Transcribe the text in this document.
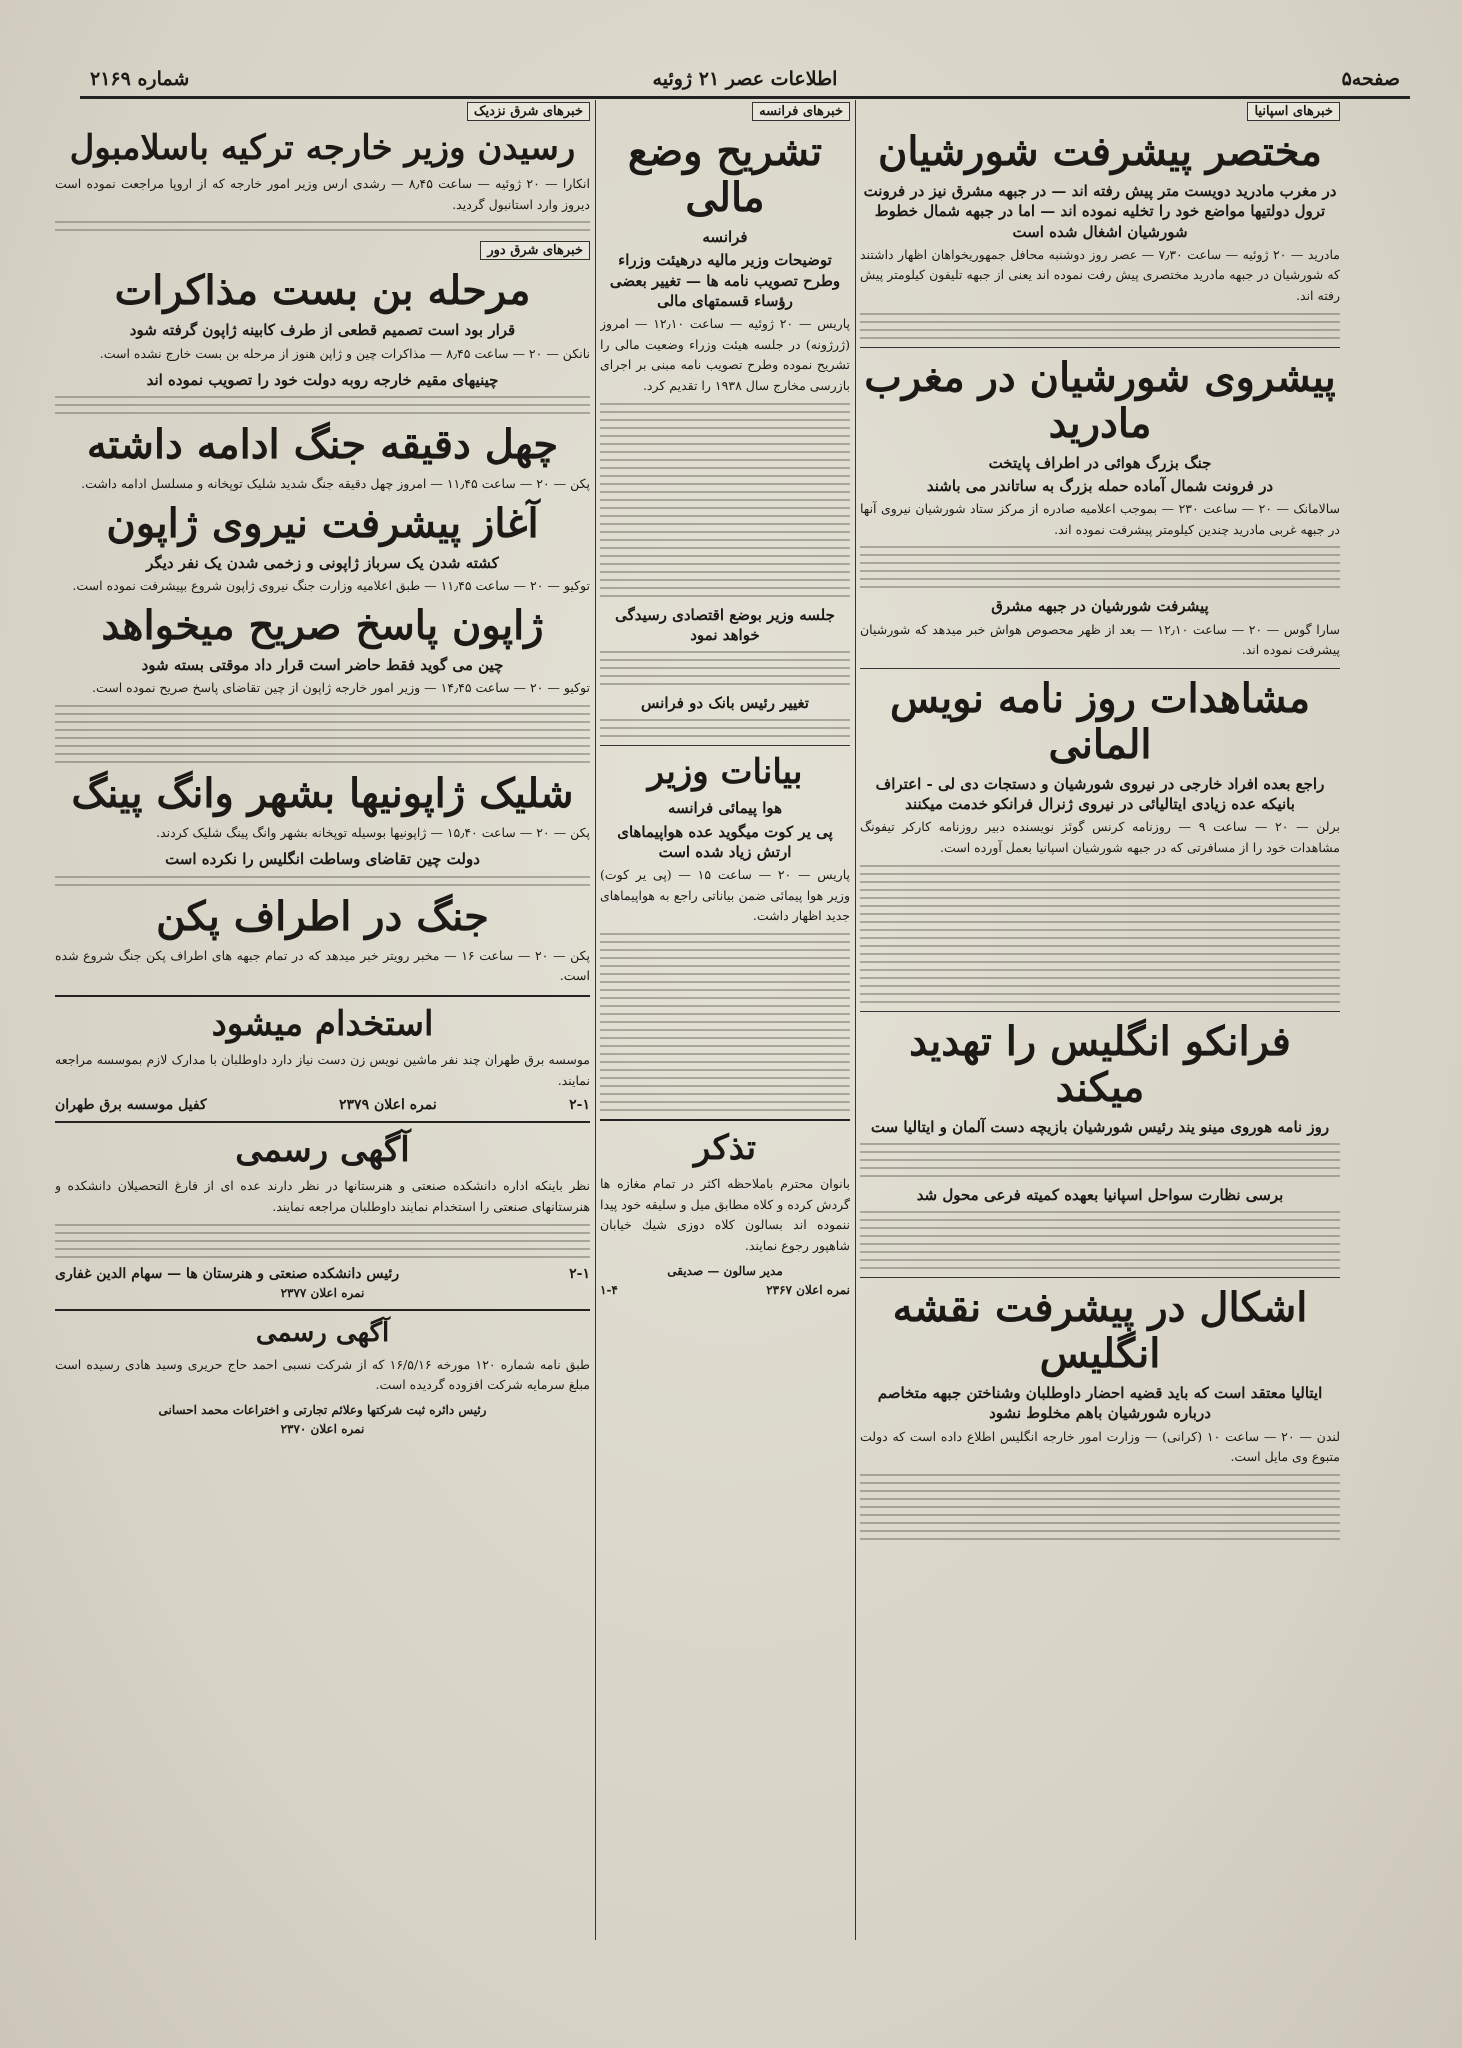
صفحه۵
اطلاعات عصر ۲۱ ژوئیه
شماره ۲۱۶۹
خبرهای اسپانیا
مختصر پیشرفت شورشیان
در مغرب مادرید دویست متر پیش رفته اند — در جبهه مشرق نیز در فرونت ترول دولتیها مواضع خود را تخلیه نموده اند — اما در جبهه شمال خطوط شورشیان اشغال شده است

مادرید — ۲۰ ژوئیه — ساعت ۷٫۳۰ — عصر روز دوشنبه محافل جمهوریخواهان اظهار داشتند که شورشیان در جبهه مادرید مختصری پیش رفت نموده اند یعنی از جبهه تلیفون کیلومتر پیش رفته اند.

پیشروی شورشیان در مغرب مادرید
جنگ بزرگ هوائی در اطراف پایتخت
در فرونت شمال آماده حمله بزرگ به ساتاندر می باشند

سالامانک — ۲۰ — ساعت ۲۳۰ — بموجب اعلامیه صادره از مرکز ستاد شورشیان نیروی آنها در جبهه غربی مادرید چندین کیلومتر پیشرفت نموده اند.

پیشرفت شورشیان در جبهه مشرق

سارا گوس — ۲۰ — ساعت ۱۲٫۱۰ — بعد از ظهر محصوص هواش خبر میدهد که شورشیان پیشرفت نموده اند.

مشاهدات روز نامه نویس المانی
راجع بعده افراد خارجی در نیروی شورشیان و دستجات دی لی - اعتراف بانیکه عده زیادی ایتالیائی در نیروی ژنرال فرانکو خدمت میکنند

برلن — ۲۰ — ساعت ۹ — روزنامه کرنس گوئز نویسنده دبیر روزنامه کارکر تیفونگ مشاهدات خود را از مسافرتی که در جبهه شورشیان اسپانیا بعمل آورده است.

فرانکو انگلیس را تهدید میکند
روز نامه هوروی مینو یند رئیس شورشیان بازیچه دست آلمان و ایتالیا ست
برسی نظارت سواحل اسپانیا بعهده کمیته فرعی محول شد
اشکال در پیشرفت نقشه انگلیس
ایتالیا معتقد است که باید قضیه احضار داوطلبان وشناختن جبهه متخاصم درباره شورشیان باهم مخلوط نشود

لندن — ۲۰ — ساعت ۱۰ (کرانی) — وزارت امور خارجه انگلیس اطلاع داده است که دولت متبوع وی مایل است.

خبرهای فرانسه
تشریح وضع مالی
فرانسه
توضیحات وزیر مالیه درهیئت وزراء وطرح تصویب نامه ها — تغییر بعضی رؤساء قسمتهای مالی

پاریس — ۲۰ ژوئیه — ساعت ۱۲٫۱۰ — امروز (ژرژونه) در جلسه هیئت وزراء وضعیت مالی را تشریح نموده وطرح تصویب نامه مبنی بر اجرای بازرسی مخارج سال ۱۹۳۸ را تقدیم کرد.

جلسه وزیر بوضع اقتصادی رسیدگی خواهد نمود
تغییر رئیس بانک دو فرانس
بیانات وزیر
هوا پیمائی فرانسه
پی یر کوت میگوید عده هواپیماهای ارتش زیاد شده است

پاریس — ۲۰ — ساعت ۱۵ — (پی یر کوت) وزیر هوا پیمائی ضمن بیاناتی راجع به هواپیماهای جدید اظهار داشت.

تذکر

بانوان محترم باملاحظه اکثر در تمام مغازه ها گردش کرده و کلاه مطابق میل و سلیقه خود پیدا ننموده اند بسالون کلاه دوزی شیك خیابان شاهپور رجوع نمایند.

مدیر سالون — صدیقی
نمره اعلان ۲۳۶۷
۱-۴
خبرهای شرق نزدیک
رسیدن وزیر خارجه ترکیه باسلامبول

انکارا — ۲۰ ژوئیه — ساعت ۸٫۴۵ — رشدی ارس وزیر امور خارجه که از اروپا مراجعت نموده است دیروز وارد استانبول گردید.

خبرهای شرق دور
مرحله بن بست مذاکرات
قرار بود است تصمیم قطعی از طرف کابینه ژاپون گرفته شود

نانکن — ۲۰ — ساعت ۸٫۴۵ — مذاکرات چین و ژاپن هنوز از مرحله بن بست خارج نشده است.

چینیهای مقیم خارجه روبه دولت خود را تصویب نموده اند
چهل دقیقه جنگ ادامه داشته

پکن — ۲۰ — ساعت ۱۱٫۴۵ — امروز چهل دقیقه جنگ شدید شلیک توپخانه و مسلسل ادامه داشت.

آغاز پیشرفت نیروی ژاپون
کشته شدن یک سرباز ژاپونی و زخمی شدن یک نفر دیگر

توکیو — ۲۰ — ساعت ۱۱٫۴۵ — طبق اعلامیه وزارت جنگ نیروی ژاپون شروع بپیشرفت نموده است.

ژاپون پاسخ صریح میخواهد
چین می گوید فقط حاضر است قرار داد موقتی بسته شود

توکیو — ۲۰ — ساعت ۱۴٫۴۵ — وزیر امور خارجه ژاپون از چین تقاضای پاسخ صریح نموده است.

شلیک ژاپونیها بشهر وانگ پینگ

پکن — ۲۰ — ساعت ۱۵٫۴۰ — ژاپونیها بوسیله توپخانه بشهر وانگ پینگ شلیک کردند.

دولت چین تقاضای وساطت انگلیس را نکرده است
جنگ در اطراف پکن

پکن — ۲۰ — ساعت ۱۶ — مخبر رویتر خبر میدهد که در تمام جبهه های اطراف پکن جنگ شروع شده است.

استخدام میشود

موسسه برق طهران چند نفر ماشین نویس زن دست نیاز دارد داوطلبان با مدارک لازم بموسسه مراجعه نمایند.

۲-۱
نمره اعلان ۲۳۷۹
کفیل موسسه برق طهران
آگهی رسمی

نظر باینکه اداره دانشکده صنعتی و هنرستانها در نظر دارند عده ای از فارغ التحصیلان دانشکده و هنرستانهای صنعتی را استخدام نمایند داوطلبان مراجعه نمایند.

۲-۱
رئیس دانشکده صنعتی و هنرستان ها — سهام الدین غفاری
نمره اعلان ۲۳۷۷
آگهی رسمی

طبق نامه شماره ۱۲۰ مورخه ۱۶/۵/۱۶ که از شرکت نسبی احمد حاج حریری وسید هادی رسیده است مبلغ سرمایه شرکت افزوده گردیده است.

رئیس دائره ثبت شرکتها وعلائم تجارتی و اختراعات محمد احسانی
نمره اعلان ۲۳۷۰
